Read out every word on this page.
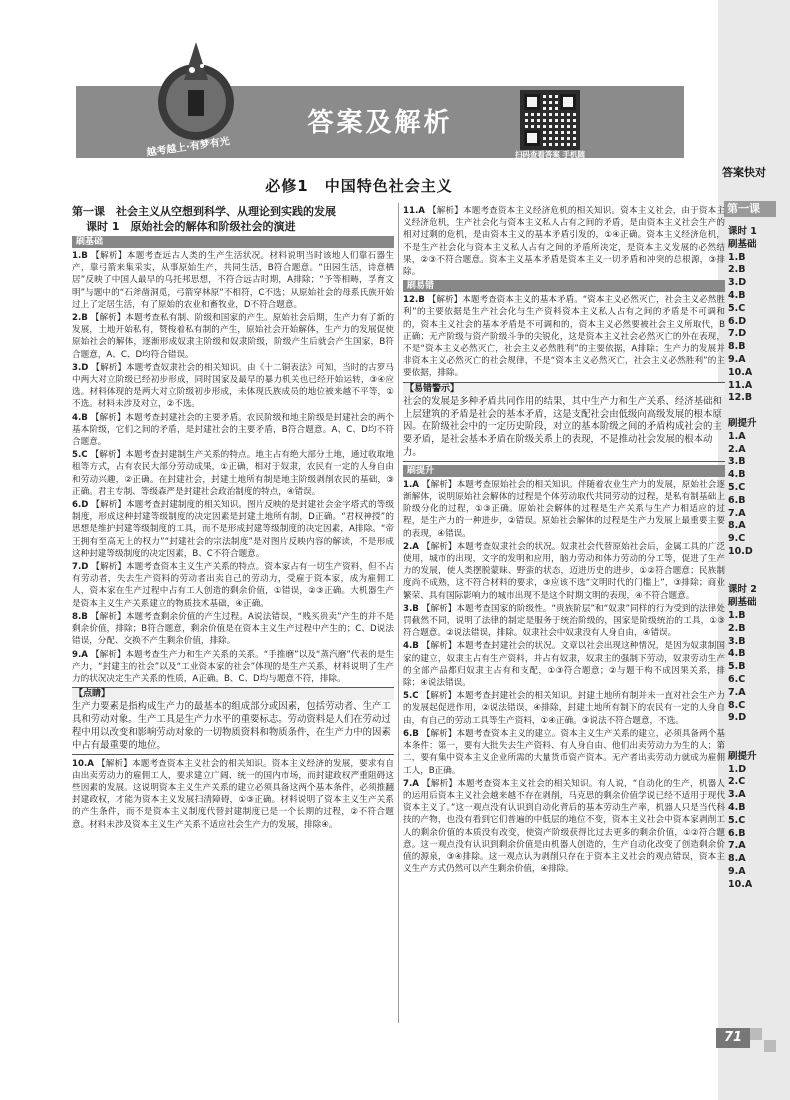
答案及解析
越考越上·有梦有光	扫码查看答案 手机随时看
答案快对
第一课
课时 1
刷基础
1.B
2.B
3.D
4.B
5.C
6.D
7.D
8.B
9.A
10.A
11.A
12.B
刷提升
1.A
2.A
3.B
4.B
5.C
6.B
7.A
8.A
9.C
10.D
课时 2
刷基础
1.B
2.B
3.B
4.B
5.B
6.C
7.A
8.C
9.D
刷提升
1.D
2.C
3.A
4.B
5.C
6.B
7.A
8.A
9.A
10.A
71
必修1　中国特色社会主义
第一课　社会主义从空想到科学、从理论到实践的发展
课时 1　原始社会的解体和阶级社会的演进
刷基础
1.B 【解析】本题考查远古人类的生产生活状况。材料说明当时该地人们靠石器生产，靠弓箭来集采实，从事原始生产，共同生活，B符合题意。“田园生活，诗意栖居”反映了中国人最早的乌托邦思想，不符合远古时期，A排除；“予等相畴，孚育文明”与题中的“石斧凿洞觅，弓箭穿林原”不相符，C不选；从原始社会的母系氏族开始过上了定居生活，有了原始的农业和畜牧业，D不符合题意。
2.B 【解析】本题考查私有制、阶级和国家的产生。原始社会后期，生产力有了新的发展，土地开始私有，赞梭着私有制的产生，原始社会开始解体，生产力的发展促使原始社会的解体，逐渐形成奴隶主阶级和奴隶阶级，阶级产生后就会产生国家，B符合题意，A、C、D均符合错误。
3.D 【解析】本题考查奴隶社会的相关知识。由《十二铜表法》可知，当时的古罗马中两大对立阶级已经初步形成，同时国家及最早的暴力机关也已经开始运转，③④应选。材料体现的是两大对立阶级初步形成，未体现氏族成员的地位被来越不平等，①不选。材料未涉及对立，②不选。
4.B 【解析】本题考查封建社会的主要矛盾。农民阶级和地主阶级是封建社会的两个基本阶级，它们之间的矛盾，是封建社会的主要矛盾，B符合题意。A、C、D均不符合题意。
5.C 【解析】本题考查封建制生产关系的特点。地主占有绝大部分土地，通过收取地租等方式，占有农民大部分劳动成果，①正确，相对于奴隶，农民有一定的人身自由和劳动兴趣，②正确。在封建社会，封建土地所有制是地主阶级剥削农民的基础，③正确。君主专制、等级森严是封建社会政治制度的特点，④错误。
6.D 【解析】本题考查封建制度的相关知识。图片反映的是封建社会金字塔式的等级制度，形成这种封建等级制度的决定因素是封建土地所有制，D正确。“君权神授”的思想是维护封建等级制度的工具，而不是形成封建等级制度的决定因素，A排除。“帝王拥有至高无上的权力”“封建社会的宗法制度”是对图片反映内容的解读，不是形成这种封建等级制度的决定因素，B、C不符合题意。
7.D 【解析】本题考查资本主义生产关系的特点。资本家占有一切生产资料，但不占有劳动者，失去生产资料的劳动者出卖自己的劳动力，受雇于资本家，成为雇佣工人，资本家在生产过程中占有工人创造的剩余价值，①错误，②③正确。大机器生产是资本主义生产关系建立的物质技术基础，④正确。
8.B 【解析】本题考查剩余价值的产生过程。A说法错误，“贱买贵卖”产生的并不是剩余价值，排除；B符合题意，剩余价值是在资本主义生产过程中产生的；C、D说法错误，分配、交换不产生剩余价值，排除。
9.A 【解析】本题考查生产力和生产关系的关系。“手推磨”以及“蒸汽磨”代表的是生产力，“封建主的社会”以及“工业资本家的社会”体现的是生产关系，材料说明了生产力的状况决定生产关系的性质，A正确。B、C、D均与题意不符，排除。
【点睛】
生产力要素是指构成生产力的最基本的组成部分或因素，包括劳动者、生产工具和劳动对象。生产工具是生产力水平的重要标志。劳动资料是人们在劳动过程中用以改变和影响劳动对象的一切物质资料和物质条件，在生产力中的因素中占有最重要的地位。
10.A 【解析】本题考查资本主义社会的相关知识。资本主义经济的发展，要求有自由出卖劳动力的雇佣工人，要求建立广阔、统一的国内市场，而封建政权严重阻碍这些因素的发展。这说明资本主义生产关系的建立必须具备这两个基本条件，必须推翻封建政权，才能为资本主义发展扫清障碍，①③正确。材料说明了资本主义生产关系的产生条件，而不是资本主义制度代替封建制度已是一个长期的过程，②不符合题意。材料未涉及资本主义生产关系不适应社会生产力的发展，排除④。
11.A 【解析】本题考查资本主义经济危机的相关知识。资本主义社会，由于资本主义经济危机，生产社会化与资本主义私人占有之间的矛盾，是由资本主义社会生产的相对过剩的危机，是由资本主义的基本矛盾引发的，①④正确。资本主义经济危机，不是生产社会化与资本主义私人占有之间的矛盾所决定，是资本主义发展的必然结果，②③不符合题意。资本主义基本矛盾是资本主义一切矛盾和冲突的总根源，③排除。
刷易错
12.B 【解析】本题考查资本主义的基本矛盾。“资本主义必然灭亡，社会主义必然胜利”的主要依据是生产社会化与生产资料资本主义私人占有之间的矛盾是不可调和的，资本主义社会的基本矛盾是不可调和的，资本主义必然要被社会主义所取代，B正确；无产阶级与资产阶级斗争的尖锐化，这是资本主义社会必然灭亡的外在表现，不是“资本主义必然灭亡，社会主义必然胜利”的主要依据，A排除；生产力的发展并非资本主义必然灭亡的社会规律，不是“资本主义必然灭亡，社会主义必然胜利”的主要依据，排除。
【易错警示】
社会的发展是多种矛盾共同作用的结果，其中生产力和生产关系、经济基础和上层建筑的矛盾是社会的基本矛盾，这是支配社会由低级向高级发展的根本原因。在阶级社会中的一定历史阶段，对立的基本阶级之间的矛盾构成社会的主要矛盾，是社会基本矛盾在阶级关系上的表现，不是推动社会发展的根本动力。
刷提升
1.A 【解析】本题考查原始社会的相关知识。伴随着农业生产力的发展，原始社会逐渐解体，说明原始社会解体的过程是个体劳动取代共同劳动的过程，是私有制基础上阶级分化的过程，①③正确。原始社会解体的过程是生产关系与生产力相适应的过程，是生产力的一种进步，②错误。原始社会解体的过程是生产力发展上最重要主要的表现，④错误。
2.A 【解析】本题考查奴隶社会的状况。奴隶社会代替原始社会后，金属工具的广泛使用，城市的出现，文字的发明和应用，脑力劳动和体力劳动的分工等，促进了生产力的发展，使人类摆脱蒙昧、野蛮的状态，迈进历史的进步，①②符合题意；民族制度尚不成熟，这不符合材料的要求，③应该不选“文明时代的门槛上”，③排除；商业繁荣、具有国际影响力的城市出现不是这个时期文明的表现，④不符合题意。
3.B 【解析】本题考查国家的阶级性。“贵族阶层”和“奴隶”同样的行为受到的法律处罚截然不同，说明了法律的制定是服务于统治阶级的，国家是阶级统治的工具，①③符合题意。②说法错误，排除。奴隶社会中奴隶没有人身自由，④错误。
4.B 【解析】本题考查封建社会的状况。文章以社会出现这种情况，是因为奴隶制国家的建立，奴隶主占有生产资料，并占有奴隶，奴隶主的强制下劳动，奴隶劳动生产的全部产品都归奴隶主占有和支配，①③符合题意；②与题干构不成因果关系，排除；④说法错误。
5.C 【解析】本题考查封建社会的相关知识。封建土地所有制并未一直对社会生产力的发展起促进作用，②说法错误，④排除，封建土地所有制下的农民有一定的人身自由，有自己的劳动工具等生产资料，①④正确。③说法不符合题意，不选。
6.B 【解析】本题考查资本主义的建立。资本主义生产关系的建立，必须具备两个基本条件：第一，要有大批失去生产资料、有人身自由、他们出卖劳动力为生的人；第二，要有集中资本主义企业所需的大量货币资产资本。无产者出卖劳动力就成为雇佣工人，B正确。
7.A 【解析】本题考查资本主义社会的相关知识。有人说，“自动化的生产，机器人的运用后资本主义社会越来越不存在剥削，马克思的剩余价值学说已经不适用于现代资本主义了。”这一观点没有认识到自动化背后的基本劳动生产率，机器人只是当代科技的产物，也没有看到它们普遍的中低层的地位不变，资本主义社会中资本家剥削工人的剩余价值的本质没有改变，使资产阶级获得比过去更多的剩余价值，①②符合题意。这一观点没有认识到剩余价值是由机器人创造的，生产自动化改变了创造剩余价值的源泉，③④排除。这一观点认为剥削只存在于资本主义社会的观点错误，资本主义生产方式仍然可以产生剩余价值，④排除。
